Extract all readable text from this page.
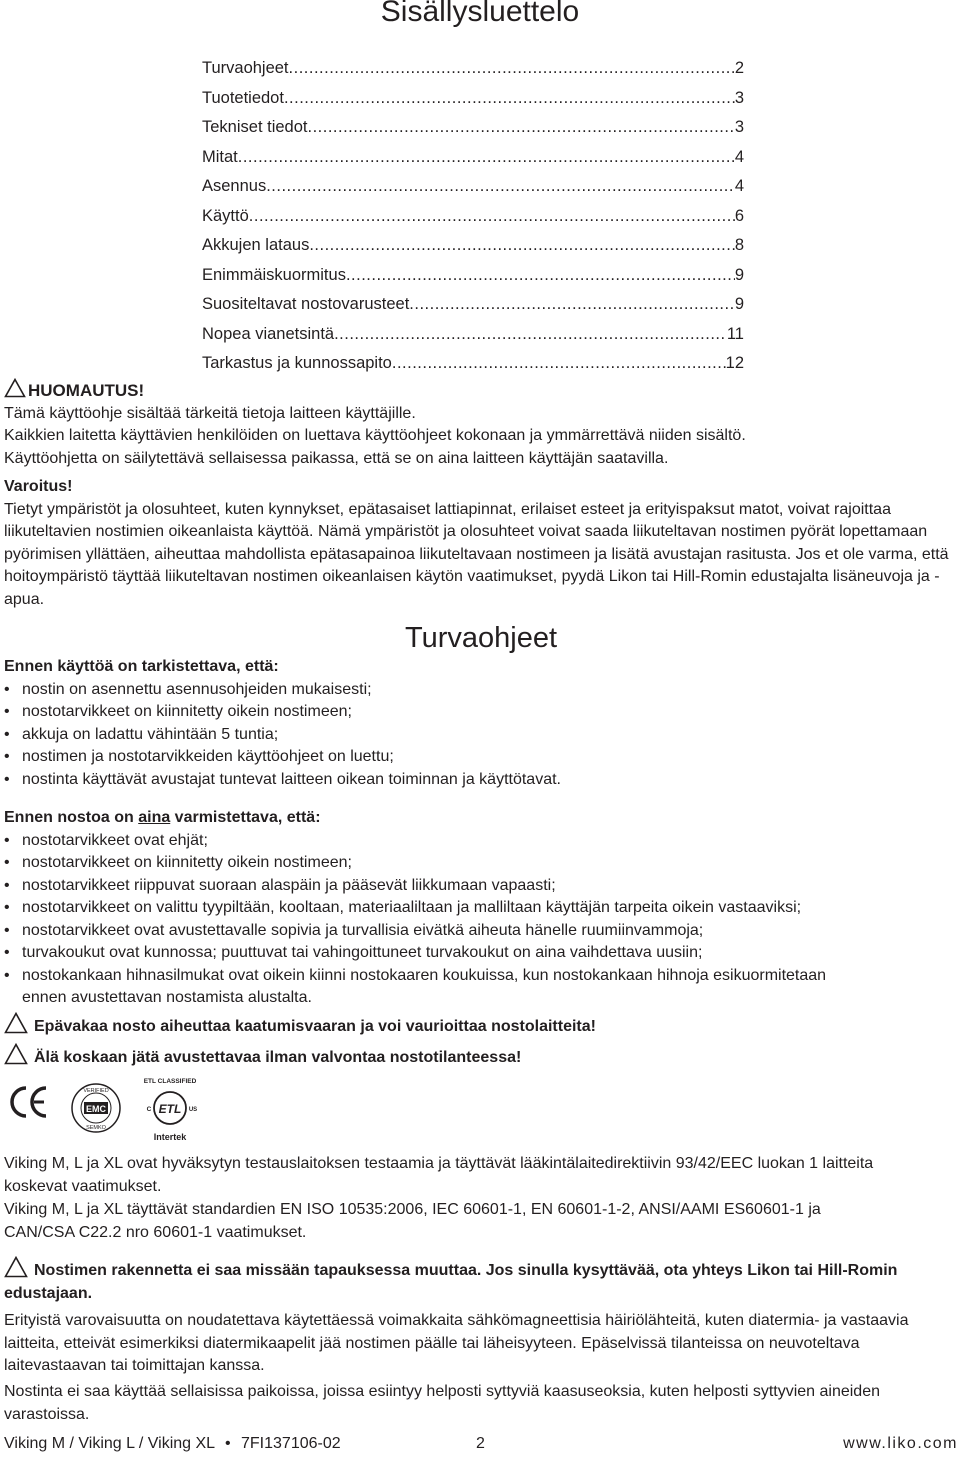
Sisällysluettelo
Turvaohjeet .....	2
Tuotetiedot .....	3
Tekniset tiedot .....	3
Mitat .....	4
Asennus .....	4
Käyttö .....	6
Akkujen lataus .....	8
Enimmäiskuormitus .....	9
Suositeltavat nostovarusteet .....	9
Nopea vianetsintä .....	11
Tarkastus ja kunnossapito .....	12
HUOMAUTUS!
Tämä käyttöohje sisältää tärkeitä tietoja laitteen käyttäjille.
Kaikkien laitetta käyttävien henkilöiden on luettava käyttöohjeet kokonaan ja ymmärrettävä niiden sisältö.
Käyttöohjetta on säilytettävä sellaisessa paikassa, että se on aina laitteen käyttäjän saatavilla.
Varoitus!
Tietyt ympäristöt ja olosuhteet, kuten kynnykset, epätasaiset lattiapinnat, erilaiset esteet ja erityispaksut matot, voivat rajoittaa liikuteltavien nostimien oikeanlaista käyttöä. Nämä ympäristöt ja olosuhteet voivat saada liikuteltavan nostimen pyörät lopettamaan pyörimisen yllättäen, aiheuttaa mahdollista epätasapainoa liikuteltavaan nostimeen ja lisätä avustajan rasitusta. Jos et ole varma, että hoitoympäristö täyttää liikuteltavan nostimen oikeanlaisen käytön vaatimukset, pyydä Likon tai Hill-Romin edustajalta lisäneuvoja ja -apua.
Turvaohjeet
Ennen käyttöä on tarkistettava, että:
• nostin on asennettu asennusohjeiden mukaisesti;
• nostotarvikkeet on kiinnitetty oikein nostimeen;
• akkuja on ladattu vähintään 5 tuntia;
• nostimen ja nostotarvikkeiden käyttöohjeet on luettu;
• nostinta käyttävät avustajat tuntevat laitteen oikean toiminnan ja käyttötavat.
Ennen nostoa on aina varmistettava, että:
• nostotarvikkeet ovat ehjät;
• nostotarvikkeet on kiinnitetty oikein nostimeen;
• nostotarvikkeet riippuvat suoraan alaspäin ja pääsevät liikkumaan vapaasti;
• nostotarvikkeet on valittu tyypiltään, kooltaan, materiaaliltaan ja malliltaan käyttäjän tarpeita oikein vastaaviksi;
• nostotarvikkeet ovat avustettavalle sopivia ja turvallisia eivätkä aiheuta hänelle ruumiinvammoja;
• turvakoukut ovat kunnossa; puuttuvat tai vahingoittuneet turvakoukut on aina vaihdettava uusiin;
• nostokankaan hihnasilmukat ovat oikein kiinni nostokaaren koukuissa, kun nostokankaan hihnoja esikuormitetaan ennen avustettavan nostamista alustalta.
Epävakaa nosto aiheuttaa kaatumisvaaran ja voi vaurioittaa nostolaitteita!
Älä koskaan jätä avustettavaa ilman valvontaa nostotilanteessa!
EMC
VERIFIED
SEMKO
ETL CLASSIFIED
ETL
C	US
Intertek
Viking M, L ja XL ovat hyväksytyn testauslaitoksen testaamia ja täyttävät lääkintälaitedirektiivin 93/42/EEC luokan 1 laitteita koskevat vaatimukset.
Viking M, L ja XL täyttävät standardien EN ISO 10535:2006, IEC 60601-1, EN 60601-1-2, ANSI/AAMI ES60601-1 ja CAN/CSA C22.2 nro 60601-1 vaatimukset.
Nostimen rakennetta ei saa missään tapauksessa muuttaa. Jos sinulla kysyttävää, ota yhteys Likon tai Hill-Romin edustajaan.
Erityistä varovaisuutta on noudatettava käytettäessä voimakkaita sähkömagneettisia häiriölähteitä, kuten diatermia- ja vastaavia laitteita, etteivät esimerkiksi diatermikaapelit jää nostimen päälle tai läheisyyteen. Epäselvissä tilanteissa on neuvoteltava laitevastaavan tai toimittajan kanssa.
Nostinta ei saa käyttää sellaisissa paikoissa, joissa esiintyy helposti syttyviä kaasuseoksia, kuten helposti syttyvien aineiden varastoissa.
Viking M / Viking L / Viking XL • 7FI137106-02	2	www.liko.com
